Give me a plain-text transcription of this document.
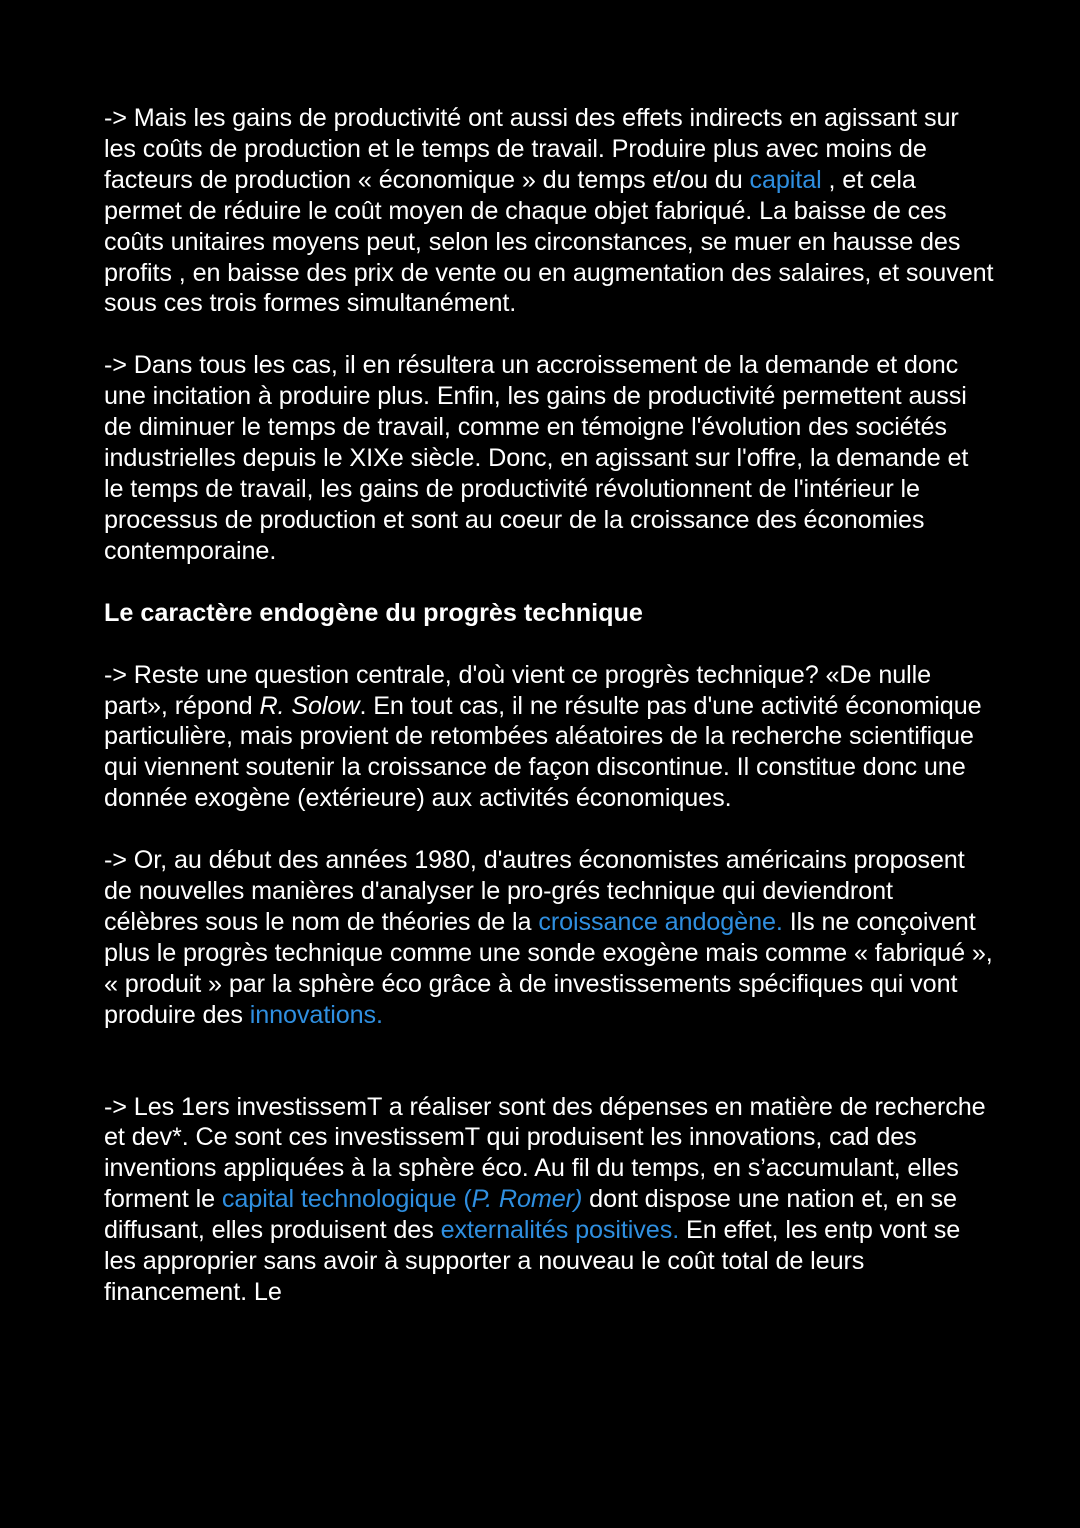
-> Mais les gains de productivité ont aussi des effets indirects en agissant sur les coûts de production et le temps de travail. Produire plus avec moins de facteurs de production « économique » du temps et/ou du capital , et cela permet de réduire le coût moyen de chaque objet fabriqué. La baisse de ces coûts unitaires moyens peut, selon les circonstances, se muer en hausse des profits , en baisse des prix de vente ou en augmentation des salaires, et souvent sous ces trois formes simultanément.

-> Dans tous les cas, il en résultera un accroissement de la demande et donc une incitation à produire plus. Enfin, les gains de productivité permettent aussi de diminuer le temps de travail, comme en témoigne l'évolution des sociétés industrielles depuis le XIXe siècle. Donc, en agissant sur l'offre, la demande et le temps de travail, les gains de productivité révolutionnent de l'intérieur le processus de production et sont au coeur de la croissance des économies contemporaine.

Le caractère endogène du progrès technique

-> Reste une question centrale, d'où vient ce progrès technique? «De nulle part», répond R. Solow. En tout cas, il ne résulte pas d'une activité économique particulière, mais provient de retombées aléatoires de la recherche scientifique qui viennent soutenir la croissance de façon discontinue. Il constitue donc une donnée exogène (extérieure) aux activités économiques.

-> Or, au début des années 1980, d'autres économistes américains proposent de nouvelles manières d'analyser le pro-grés technique qui deviendront célèbres sous le nom de théories de la croissance andogène. Ils ne conçoivent plus le progrès technique comme une sonde exogène mais comme « fabriqué », « produit » par la sphère éco grâce à de investissements spécifiques qui vont produire des innovations.

-> Les 1ers investissemT a réaliser sont des dépenses en matière de recherche et dev*. Ce sont ces investissemT qui produisent les innovations, cad des inventions appliquées à la sphère éco. Au fil du temps, en s’accumulant, elles forment le capital technologique (P. Romer) dont dispose une nation et, en se diffusant, elles produisent des externalités positives. En effet, les entp vont se les approprier sans avoir à supporter a nouveau le coût total de leurs financement. Le
